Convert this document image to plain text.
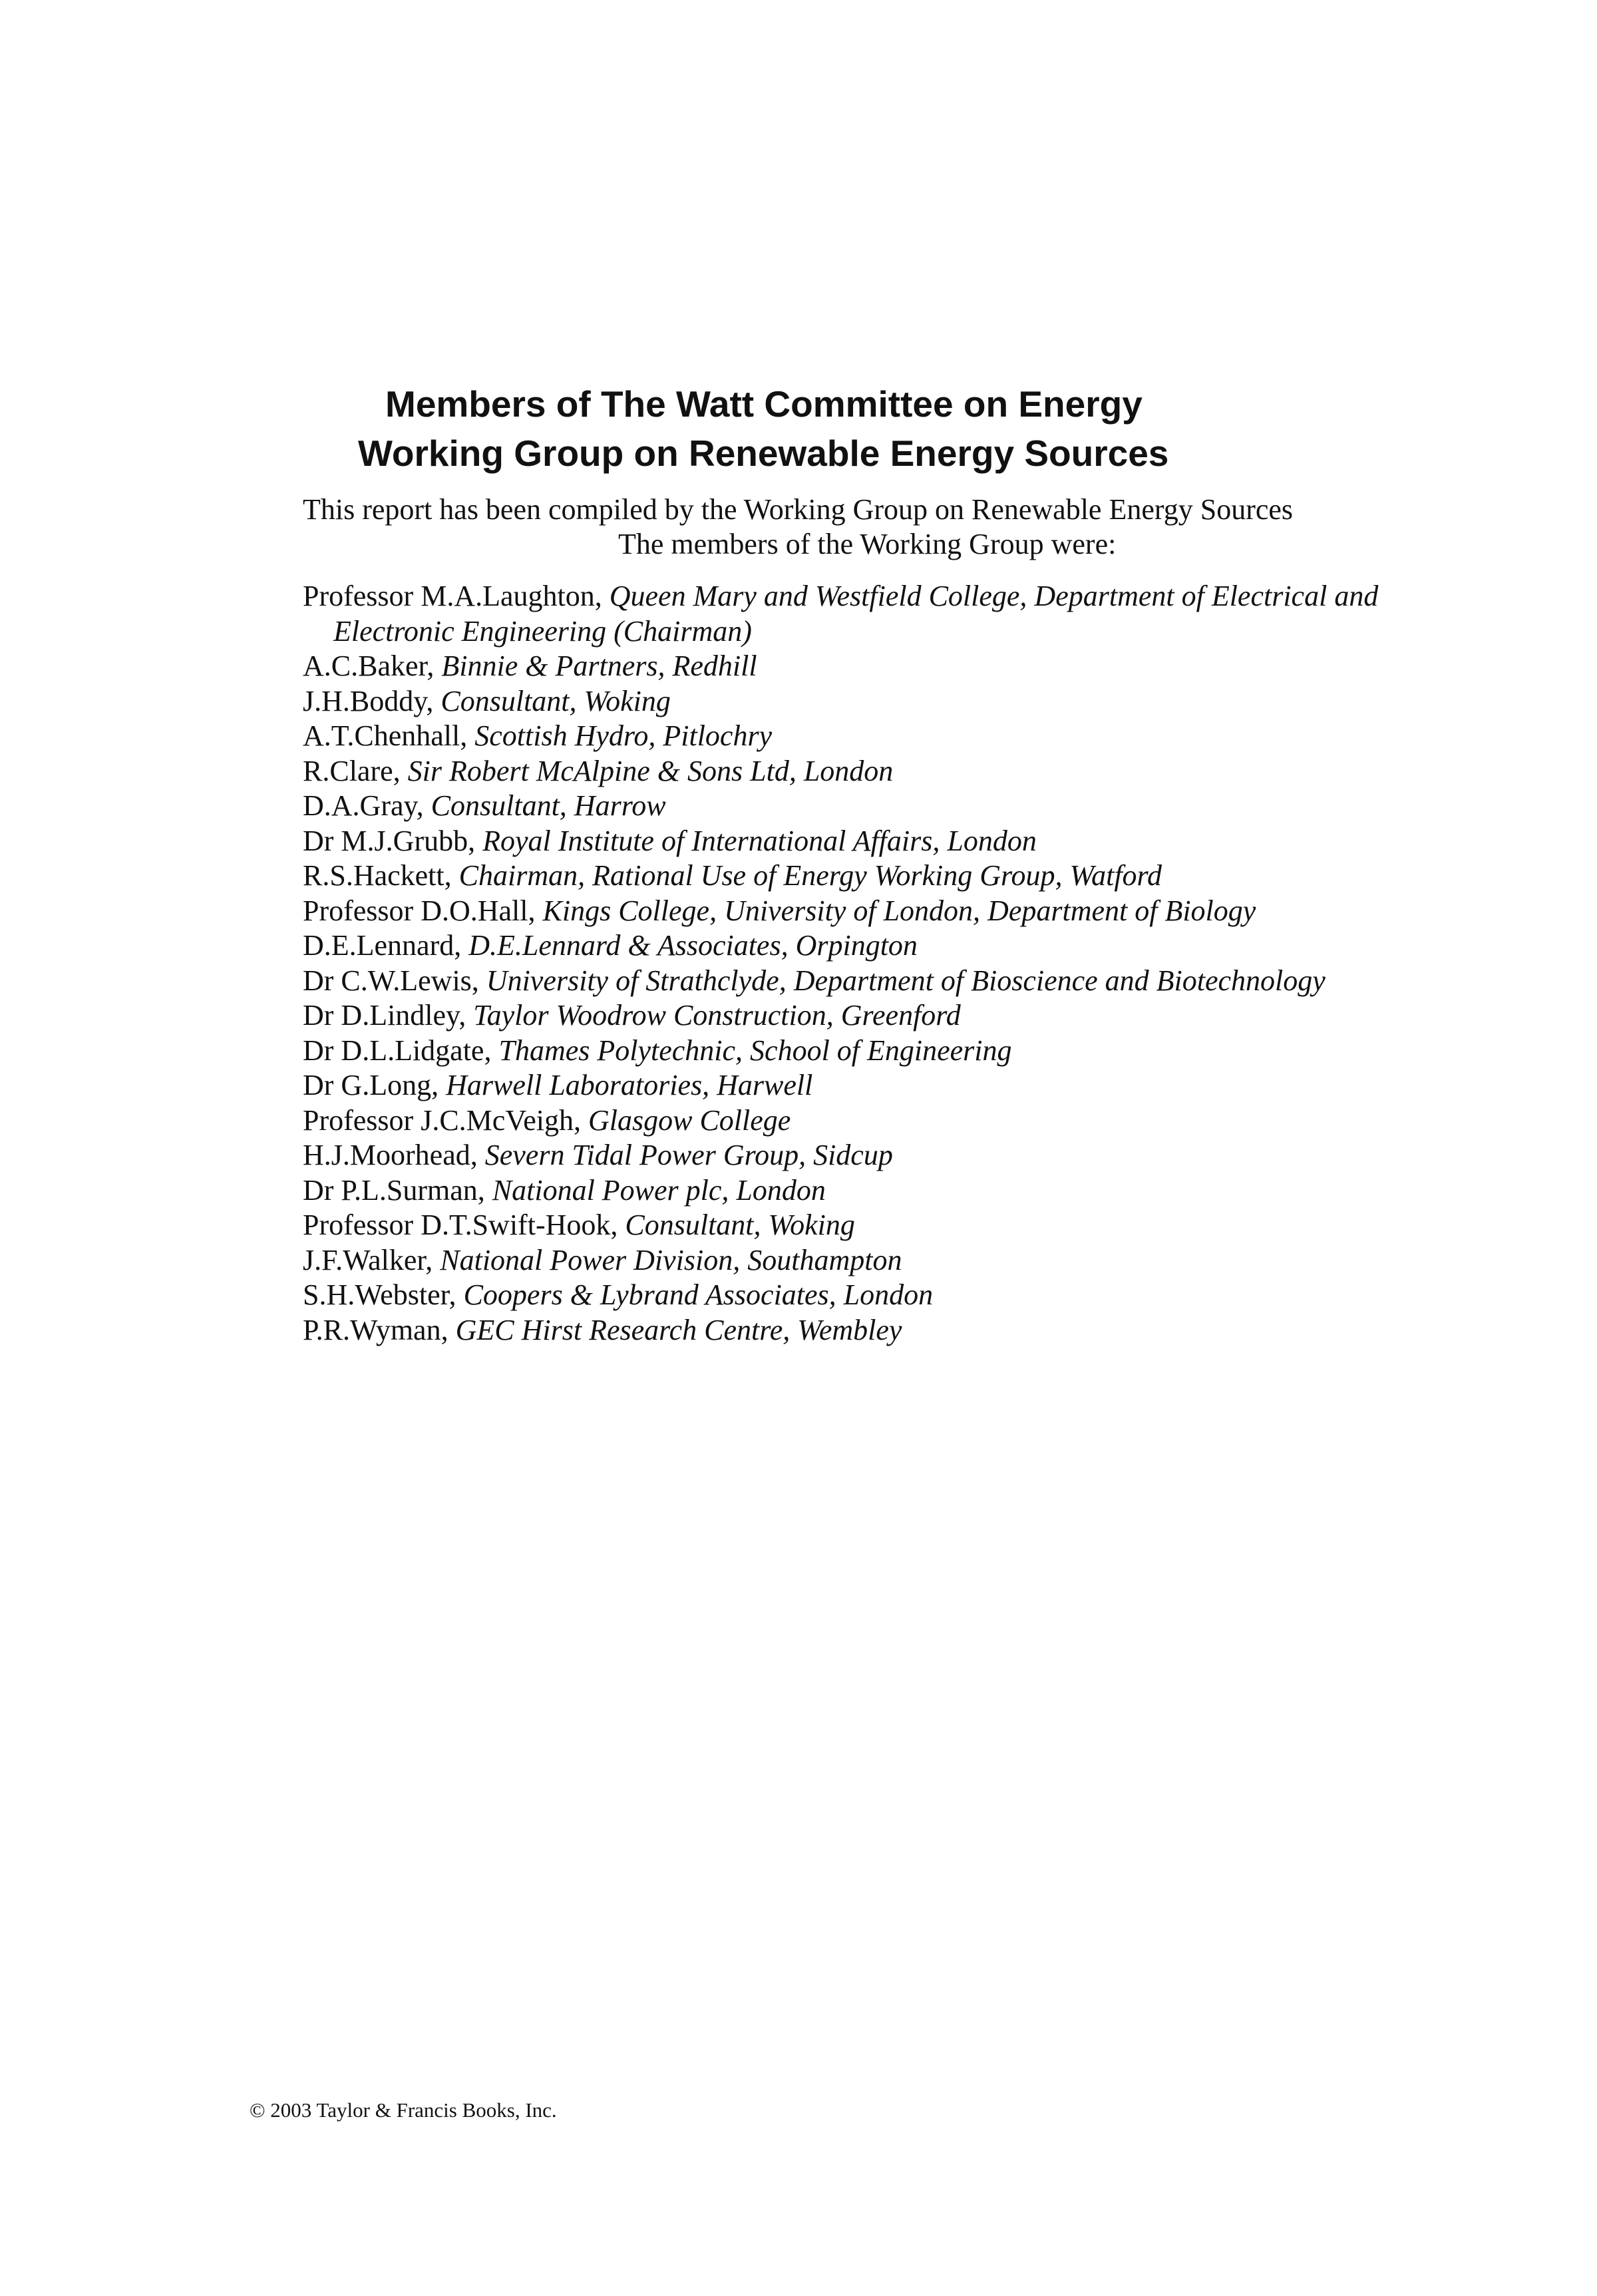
Members of The Watt Committee on Energy
Working Group on Renewable Energy Sources
This report has been compiled by the Working Group on Renewable Energy Sources
The members of the Working Group were:
Professor M.A.Laughton, Queen Mary and Westfield College, Department of Electrical and Electronic Engineering (Chairman)
A.C.Baker, Binnie & Partners, Redhill
J.H.Boddy, Consultant, Woking
A.T.Chenhall, Scottish Hydro, Pitlochry
R.Clare, Sir Robert McAlpine & Sons Ltd, London
D.A.Gray, Consultant, Harrow
Dr M.J.Grubb, Royal Institute of International Affairs, London
R.S.Hackett, Chairman, Rational Use of Energy Working Group, Watford
Professor D.O.Hall, Kings College, University of London, Department of Biology
D.E.Lennard, D.E.Lennard & Associates, Orpington
Dr C.W.Lewis, University of Strathclyde, Department of Bioscience and Biotechnology
Dr D.Lindley, Taylor Woodrow Construction, Greenford
Dr D.L.Lidgate, Thames Polytechnic, School of Engineering
Dr G.Long, Harwell Laboratories, Harwell
Professor J.C.McVeigh, Glasgow College
H.J.Moorhead, Severn Tidal Power Group, Sidcup
Dr P.L.Surman, National Power plc, London
Professor D.T.Swift-Hook, Consultant, Woking
J.F.Walker, National Power Division, Southampton
S.H.Webster, Coopers & Lybrand Associates, London
P.R.Wyman, GEC Hirst Research Centre, Wembley
© 2003 Taylor & Francis Books, Inc.
